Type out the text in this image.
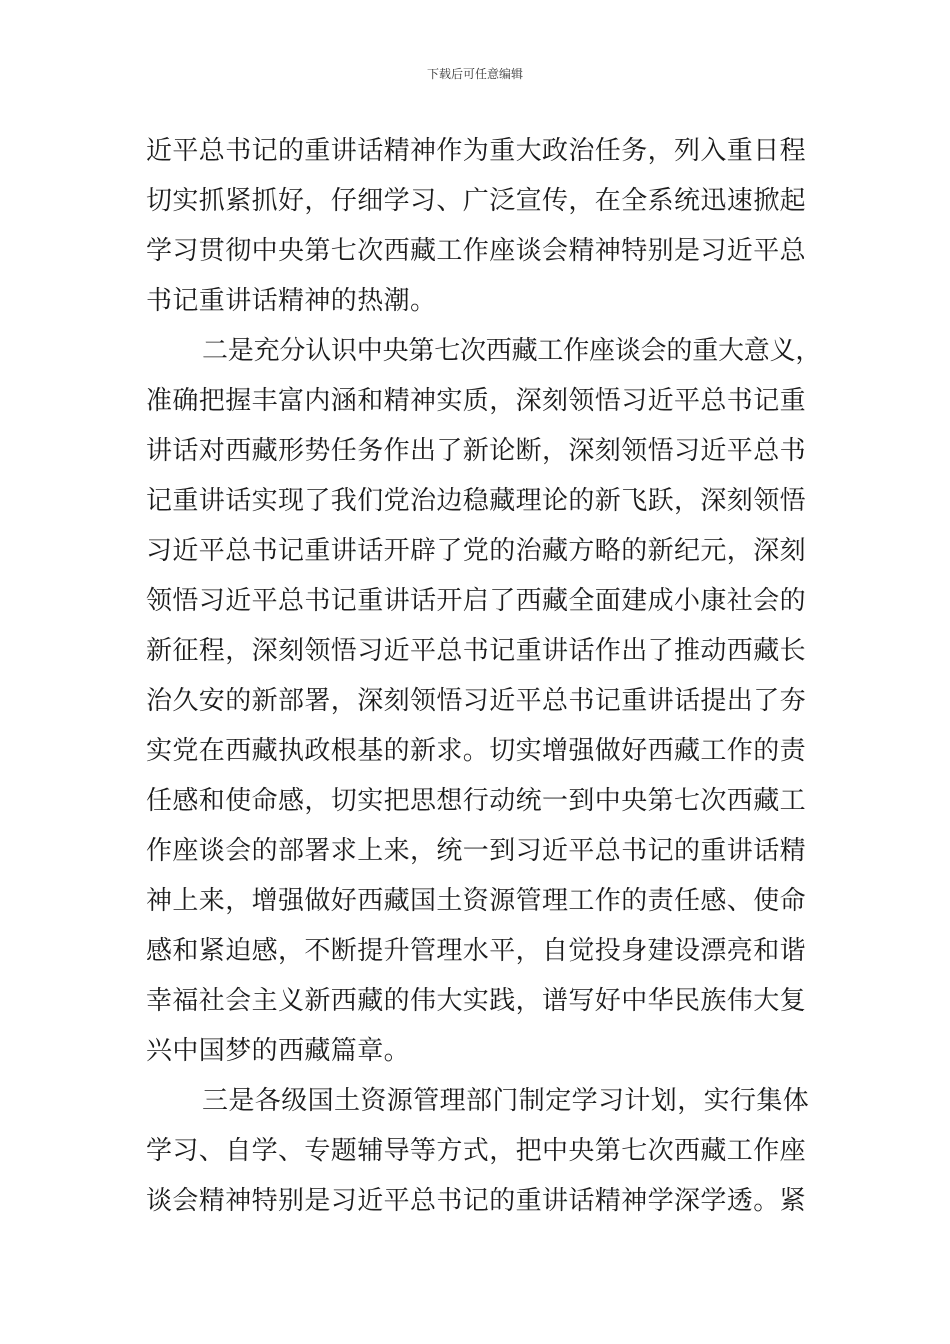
下载后可任意编辑
近平总书记的重讲话精神作为重大政治任务，列入重日程
切实抓紧抓好，仔细学习、广泛宣传，在全系统迅速掀起
学习贯彻中央第七次西藏工作座谈会精神特别是习近平总
书记重讲话精神的热潮。
二是充分认识中央第七次西藏工作座谈会的重大意义，
准确把握丰富内涵和精神实质，深刻领悟习近平总书记重
讲话对西藏形势任务作出了新论断，深刻领悟习近平总书
记重讲话实现了我们党治边稳藏理论的新飞跃，深刻领悟
习近平总书记重讲话开辟了党的治藏方略的新纪元，深刻
领悟习近平总书记重讲话开启了西藏全面建成小康社会的
新征程，深刻领悟习近平总书记重讲话作出了推动西藏长
治久安的新部署，深刻领悟习近平总书记重讲话提出了夯
实党在西藏执政根基的新求。切实增强做好西藏工作的责
任感和使命感，切实把思想行动统一到中央第七次西藏工
作座谈会的部署求上来，统一到习近平总书记的重讲话精
神上来，增强做好西藏国土资源管理工作的责任感、使命
感和紧迫感，不断提升管理水平，自觉投身建设漂亮和谐
幸福社会主义新西藏的伟大实践，谱写好中华民族伟大复
兴中国梦的西藏篇章。
三是各级国土资源管理部门制定学习计划，实行集体
学习、自学、专题辅导等方式，把中央第七次西藏工作座
谈会精神特别是习近平总书记的重讲话精神学深学透。紧
